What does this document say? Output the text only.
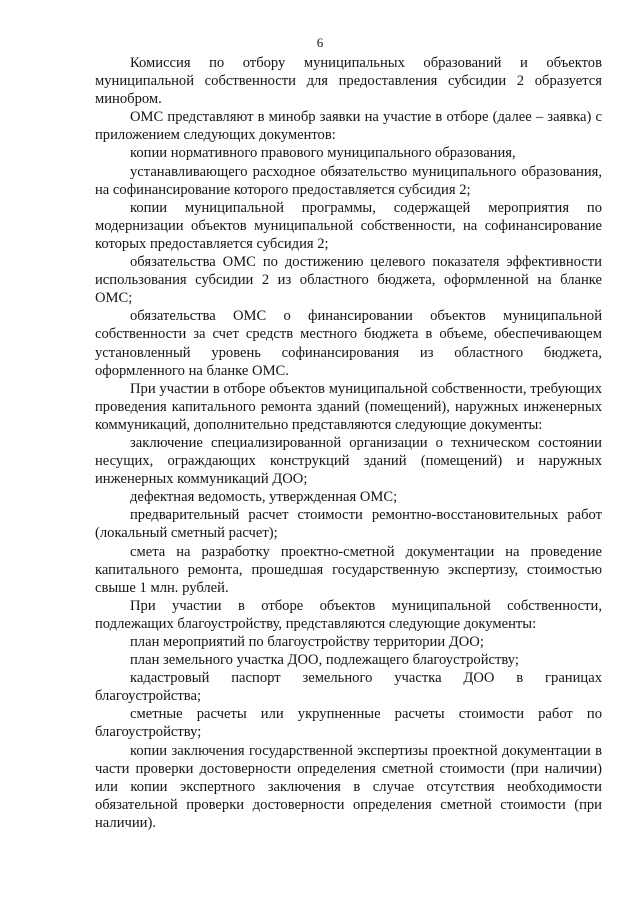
6

Комиссия по отбору муниципальных образований и объектов муниципальной собственности для предоставления субсидии 2 образуется минобром.

ОМС представляют в минобр заявки на участие в отборе (далее – заявка) с приложением следующих документов:

копии нормативного правового муниципального образования,

устанавливающего расходное обязательство муниципального образования, на софинансирование которого предоставляется субсидия 2;

копии муниципальной программы, содержащей мероприятия по модернизации объектов муниципальной собственности, на софинансирование которых предоставляется субсидия 2;

обязательства ОМС по достижению целевого показателя эффективности использования субсидии 2 из областного бюджета, оформленной на бланке ОМС;

обязательства ОМС о финансировании объектов муниципальной собственности за счет средств местного бюджета в объеме, обеспечивающем установленный уровень софинансирования из областного бюджета, оформленного на бланке ОМС.

При участии в отборе объектов муниципальной собственности, требующих проведения капитального ремонта зданий (помещений), наружных инженерных коммуникаций, дополнительно представляются следующие документы:

заключение специализированной организации о техническом состоянии несущих, ограждающих конструкций зданий (помещений) и наружных инженерных коммуникаций ДОО;

дефектная ведомость, утвержденная ОМС;

предварительный расчет стоимости ремонтно-восстановительных работ (локальный сметный расчет);

смета на разработку проектно-сметной документации на проведение капитального ремонта, прошедшая государственную экспертизу, стоимостью свыше 1 млн. рублей.

При участии в отборе объектов муниципальной собственности, подлежащих благоустройству, представляются следующие документы:

план мероприятий по благоустройству территории ДОО;

план земельного участка ДОО, подлежащего благоустройству;

кадастровый паспорт земельного участка ДОО в границах благоустройства;

сметные расчеты или укрупненные расчеты стоимости работ по благоустройству;

копии заключения государственной экспертизы проектной документации в части проверки достоверности определения сметной стоимости (при наличии) или копии экспертного заключения в случае отсутствия необходимости обязательной проверки достоверности определения сметной стоимости (при наличии).
